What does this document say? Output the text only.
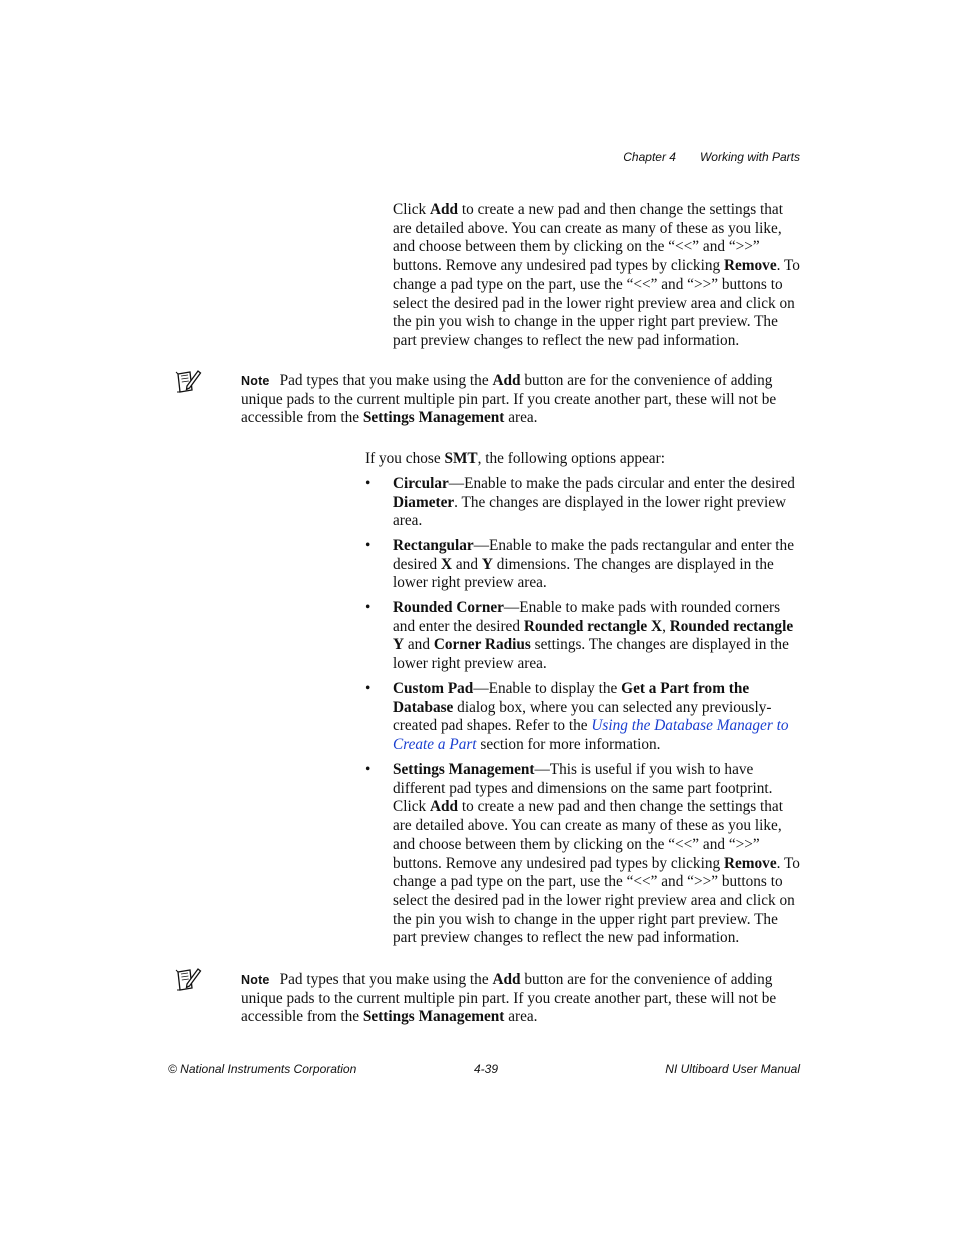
Chapter 4 Working with Parts

Click Add to create a new pad and then change the settings that are detailed above. You can create as many of these as you like, and choose between them by clicking on the “<<” and “>>” buttons. Remove any undesired pad types by clicking Remove. To change a pad type on the part, use the “<<” and “>>” buttons to select the desired pad in the lower right preview area and click on the pin you wish to change in the upper right part preview. The part preview changes to reflect the new pad information.

Note Pad types that you make using the Add button are for the convenience of adding unique pads to the current multiple pin part. If you create another part, these will not be accessible from the Settings Management area.

If you chose SMT, the following options appear:

• Circular—Enable to make the pads circular and enter the desired Diameter. The changes are displayed in the lower right preview area.
• Rectangular—Enable to make the pads rectangular and enter the desired X and Y dimensions. The changes are displayed in the lower right preview area.
• Rounded Corner—Enable to make pads with rounded corners and enter the desired Rounded rectangle X, Rounded rectangle Y and Corner Radius settings. The changes are displayed in the lower right preview area.
• Custom Pad—Enable to display the Get a Part from the Database dialog box, where you can selected any previously-created pad shapes. Refer to the Using the Database Manager to Create a Part section for more information.
• Settings Management—This is useful if you wish to have different pad types and dimensions on the same part footprint. Click Add to create a new pad and then change the settings that are detailed above. You can create as many of these as you like, and choose between them by clicking on the “<<” and “>>” buttons. Remove any undesired pad types by clicking Remove. To change a pad type on the part, use the “<<” and “>>” buttons to select the desired pad in the lower right preview area and click on the pin you wish to change in the upper right part preview. The part preview changes to reflect the new pad information.

Note Pad types that you make using the Add button are for the convenience of adding unique pads to the current multiple pin part. If you create another part, these will not be accessible from the Settings Management area.

© National Instruments Corporation	4-39	NI Ultiboard User Manual
